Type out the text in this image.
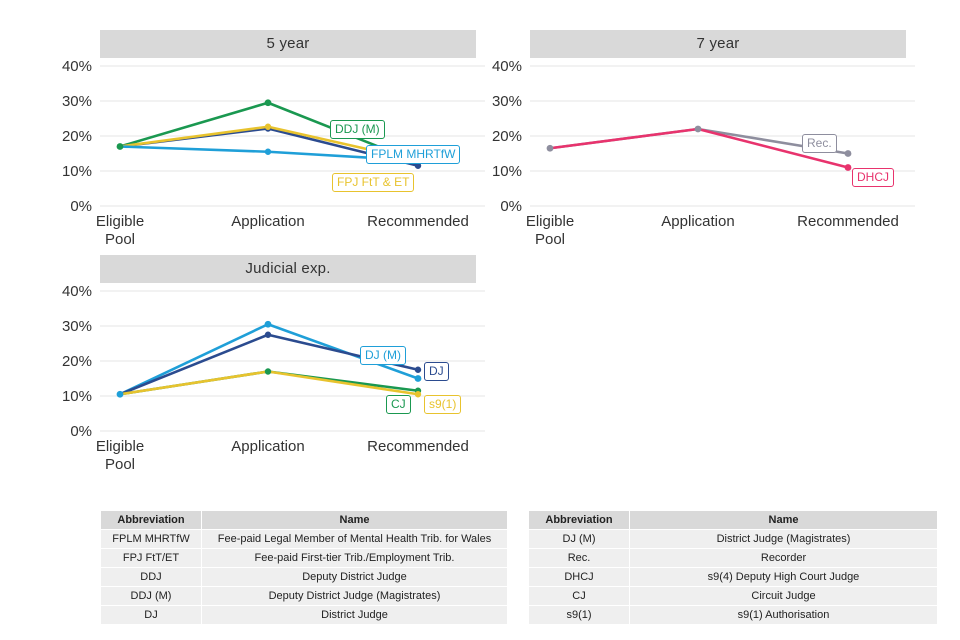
5 year
40%
30%
20%
10%
0%
Eligible
Pool
Application	Recommended
DDJ (M)
FPLM MHRTfW
FPJ FtT & ET
7 year
40%
30%
20%
10%
0%
Eligible
Pool
Application	Recommended
Rec.
DHCJ
Judicial exp.
40%
30%
20%
10%
0%
Eligible
Pool
Application	Recommended
DJ (M)
DJ
CJ	s9(1)
Abbreviation	Name
FPLM MHRTfW	Fee-paid Legal Member of Mental Health Trib. for Wales
FPJ FtT/ET	Fee-paid First-tier Trib./Employment Trib.
DDJ	Deputy District Judge
DDJ (M)	Deputy District Judge (Magistrates)
DJ	District Judge
Abbreviation	Name
DJ (M)	District Judge (Magistrates)
Rec.	Recorder
DHCJ	s9(4) Deputy High Court Judge
CJ	Circuit Judge
s9(1)	s9(1) Authorisation
